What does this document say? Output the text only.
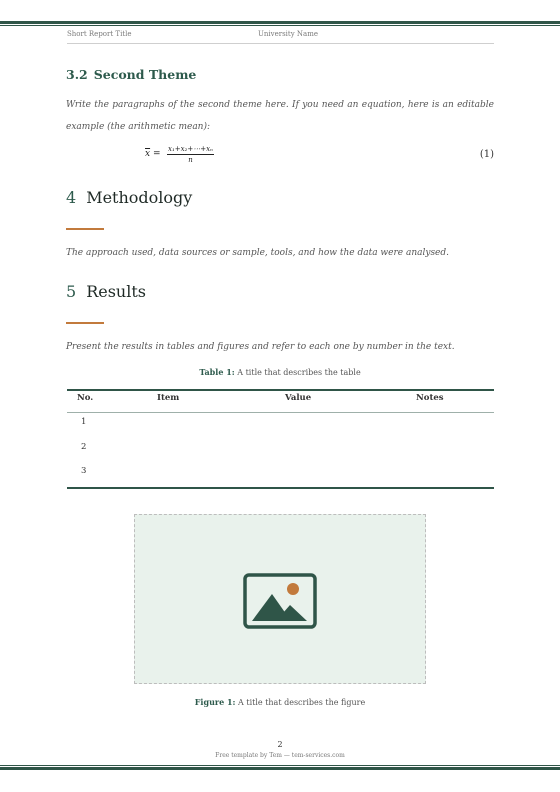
Short Report Title	University Name
3.2 Second Theme
Write the paragraphs of the second theme here. If you need an equation, here is an editable example (the arithmetic mean):
$\overline{x} = \frac{\text{x₁+x₂+⋯+xₙ}}{n}$	(1)
4 Methodology
The approach used, data sources or sample, tools, and how the data were analysed.
5 Results
Present the results in tables and figures and refer to each one by number in the text.
Table 1: A title that describes the table
No.	Item	Value	Notes
1
2
3
Figure 1: A title that describes the figure
2
Free template by Tem — tem-services.com
